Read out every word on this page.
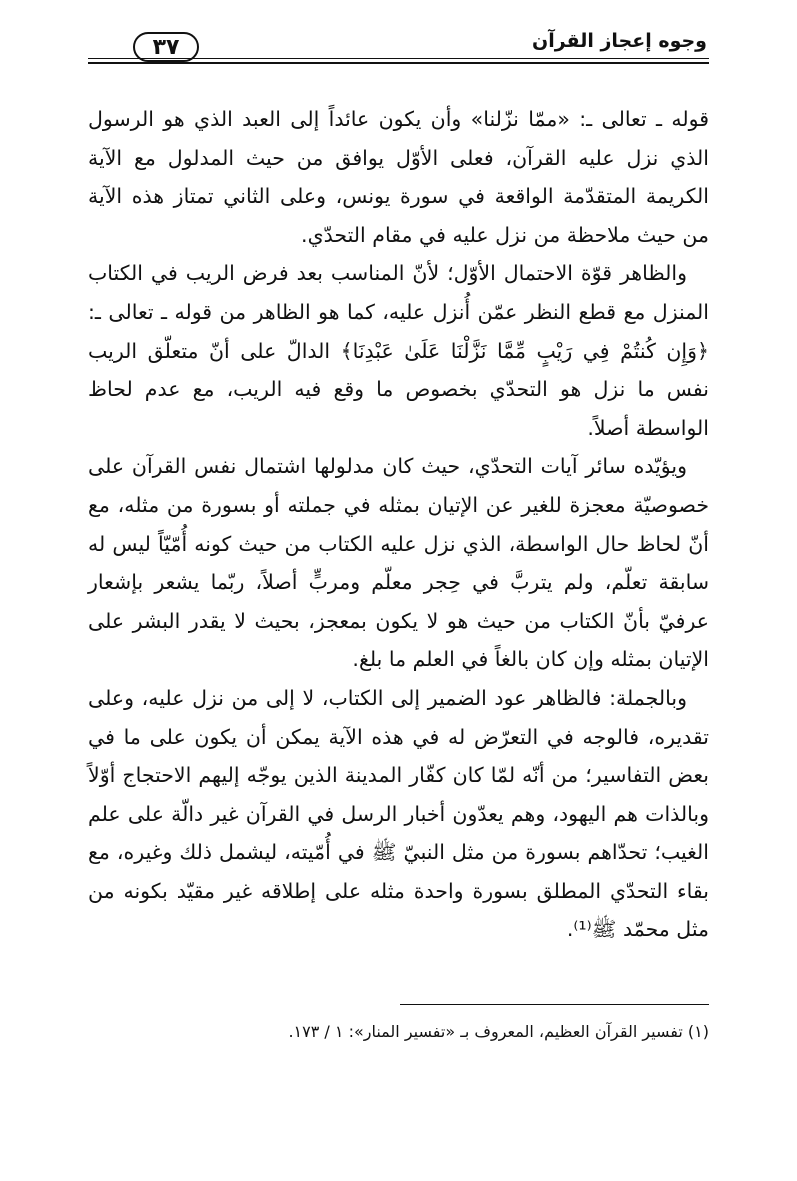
وجوه إعجاز القرآن
٣٧

قوله ـ تعالى ـ: «ممّا نزّلنا» وأن يكون عائداً إلى العبد الذي هو الرسول الذي نزل عليه القرآن، فعلى الأوّل يوافق من حيث المدلول مع الآية الكريمة المتقدّمة الواقعة في سورة يونس، وعلى الثاني تمتاز هذه الآية من حيث ملاحظة من نزل عليه في مقام التحدّي.

والظاهر قوّة الاحتمال الأوّل؛ لأنّ المناسب بعد فرض الريب في الكتاب المنزل مع قطع النظر عمّن أُنزل عليه، كما هو الظاهر من قوله ـ تعالى ـ: ﴿وَإِن كُنتُمْ فِي رَيْبٍ مِّمَّا نَزَّلْنَا عَلَىٰ عَبْدِنَا﴾ الدالّ على أنّ متعلّق الريب نفس ما نزل هو التحدّي بخصوص ما وقع فيه الريب، مع عدم لحاظ الواسطة أصلاً.

ويؤيّده سائر آيات التحدّي، حيث كان مدلولها اشتمال نفس القرآن على خصوصيّة معجزة للغير عن الإتيان بمثله في جملته أو بسورة من مثله، مع أنّ لحاظ حال الواسطة، الذي نزل عليه الكتاب من حيث كونه أُمّيّاً ليس له سابقة تعلّم، ولم يتربَّ في حِجر معلّم ومربٍّ أصلاً، ربّما يشعر بإشعار عرفيّ بأنّ الكتاب من حيث هو لا يكون بمعجز، بحيث لا يقدر البشر على الإتيان بمثله وإن كان بالغاً في العلم ما بلغ.

وبالجملة: فالظاهر عود الضمير إلى الكتاب، لا إلى من نزل عليه، وعلى تقديره، فالوجه في التعرّض له في هذه الآية يمكن أن يكون على ما في بعض التفاسير؛ من أنّه لمّا كان كفّار المدينة الذين يوجّه إليهم الاحتجاج أوّلاً وبالذات هم اليهود، وهم يعدّون أخبار الرسل في القرآن غير دالّة على علم الغيب؛ تحدّاهم بسورة من مثل النبيّ ﷺ في أُمّيته، ليشمل ذلك وغيره، مع بقاء التحدّي المطلق بسورة واحدة مثله على إطلاقه غير مقيّد بكونه من مثل محمّد ﷺ⁽¹⁾.

(١) تفسير القرآن العظيم، المعروف بـ «تفسير المنار»: ١ / ١٧٣.
